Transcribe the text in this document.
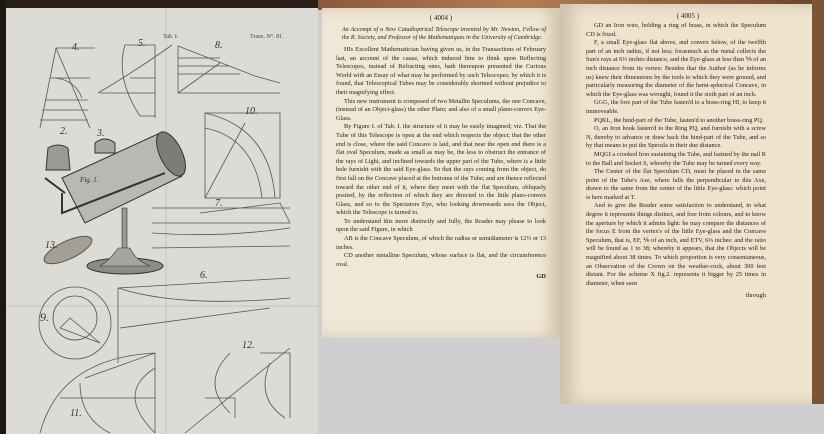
Tab. I.	Trans. N°. 81.
4.	5.	8.
2.	3.
10.
Fig. 1.
7.
13.
6.
9.
11.
12.
( 4004 )
An Accompt of a New Catadioptrical Telescope invented by Mr. Newton, Fellow of the R. Society, and Professor of the Mathematiques in the University of Cambridge.

HIs Excellent Mathematician having given us, in the Transactions of February last, an account of the cause, which induced him to think upon Reflecting Telescopes, instead of Refracting ones, hath thereupon presented the Curious World with an Essay of what may be performed by such Telescopes; by which it is found, that Telescopical Tubes may be considerably shortned without prejudice to their magnifying effect.

This new instrument is composed of two Metallin Speculums, the one Concave, (instead of an Object-glass) the other Plain; and also of a small plano-convex Eye-Glass.

By Figure I. of Tab. I. the structure of it may be easily imagined; viz. That the Tube of this Telescope is open at the end which respects the object; that the other end is close, where the said Concave is laid, and that near the open end there is a flat oval Speculum, made as small as may be, the less to obstruct the entrance of the rays of Light, and inclined towards the upper part of the Tube, where is a little hole furnisht with the said Eye-glass. So that the rays coming from the object, do first fall on the Concave placed at the bottome of the Tube; and are thence reflected toward the other end of it, where they meet with the flat Speculum, obliquely posited, by the reflection of which they are directed to the little plano-convex Glass, and so to the Spectators Eye, who looking downwards sees the Object, which the Telescope is turned to.

To understand this more distinctly and fully, the Reader may please to look upon the said Figure, in which

AB is the Concave Speculum, of which the radius or semidiameter is 12⅔ or 13 inches.

CD another metalline Speculum, whose surface is flat, and the circumference oval.

GD
( 4005 )

GD an Iron wire, holding a ring of brass, in which the Speculum CD is fixed.

F, a small Eye-glass flat above, and convex below, of the twelfth part of an inch radius, if not less; forasmuch as the metal collects the Sun's rays at 6⅓ inches distance, and the Eye-glass at less than ⅙ of an inch distance from its vertex: Besides that the Author (as he informs us) knew their dimensions by the tools to which they were ground, and particularly measuring the diameter of the hemi-spherical Concave, in which the Eye-glass was wrought, found it the sixth part of an inch.

GGG, the fore part of the Tube fasten'd to a brass-ring HI, to keep it immoveable.

PQKL, the hind-part of the Tube, fasten'd to another brass-ring PQ.

O, an Iron hook fasten'd to the Ring PQ, and furnisht with a screw N, thereby to advance or draw back the hind-part of the Tube, and so by that means to put the Specula in their due distance.

MQGI a crooked Iron sustaining the Tube, and fastned by the nail R to the Ball and Socket S, whereby the Tube may be turned every way.

The Center of the flat Speculum CD, must be placed in the same point of the Tube's Axe, where falls the perpendicular to this Axe, drawn to the same from the center of the little Eye-glass: which point is here marked at T.

And to give the Reader some satisfaction to understand, in what degree it represents things distinct, and free from colours, and to know the aperture by which it admits light: he may compare the distances of the focus E from the vertex's of the little Eye-glass and the Concave Speculum, that is, EF, ⅙ of an inch, and ETV, 6⅓ inches: and the ratio will be found as 1 to 38; whereby it appears, that the Objects will be magnified about 38 times. To which proportion is very consentaneous, an Observation of the Crown on the weather-cock, about 300 feet distant. For the scheme X fig.2. represents it bigger by 25 times in diameter, when seen

through
